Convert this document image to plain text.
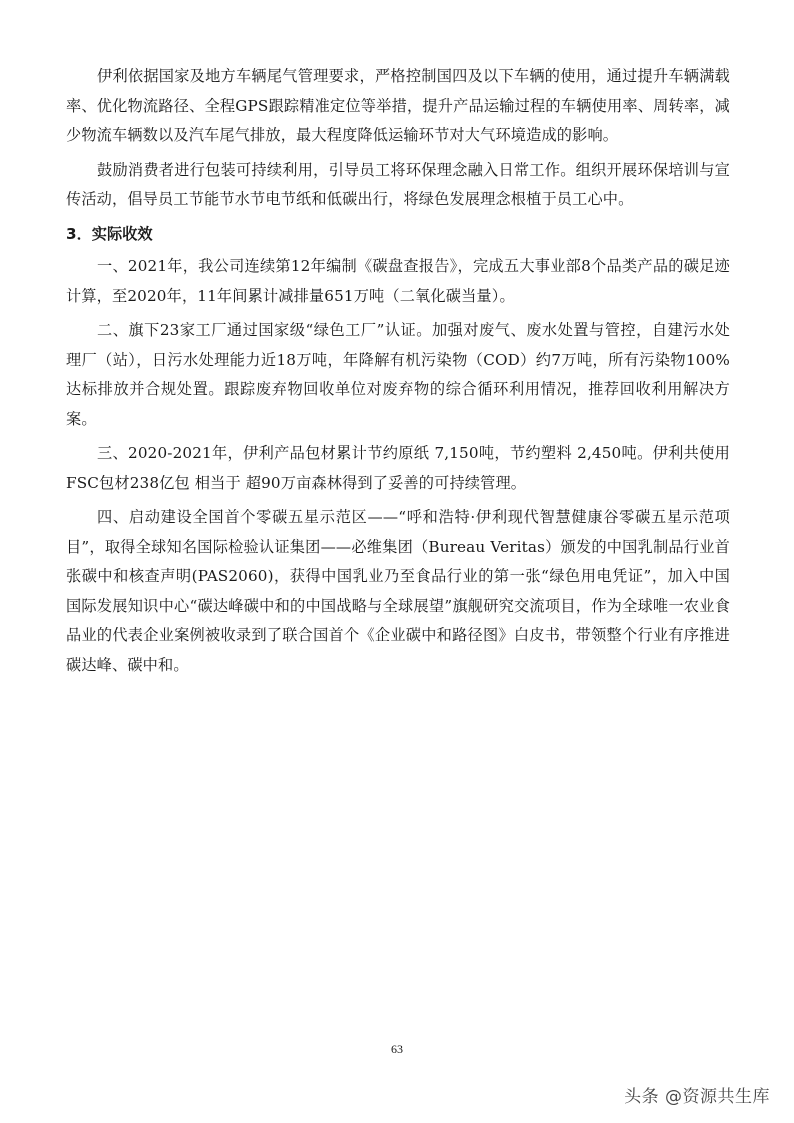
伊利依据国家及地方车辆尾气管理要求，严格控制国四及以下车辆的使用，通过提升车辆满载率、优化物流路径、全程GPS跟踪精准定位等举措，提升产品运输过程的车辆使用率、周转率，减少物流车辆数以及汽车尾气排放，最大程度降低运输环节对大气环境造成的影响。

鼓励消费者进行包装可持续利用，引导员工将环保理念融入日常工作。组织开展环保培训与宣传活动，倡导员工节能节水节电节纸和低碳出行，将绿色发展理念根植于员工心中。

3．实际收效

一、2021年，我公司连续第12年编制《碳盘查报告》，完成五大事业部8个品类产品的碳足迹计算，至2020年，11年间累计减排量651万吨（二氧化碳当量）。

二、旗下23家工厂通过国家级“绿色工厂”认证。加强对废气、废水处置与管控，自建污水处理厂（站），日污水处理能力近18万吨，年降解有机污染物（COD）约7万吨，所有污染物100%达标排放并合规处置。跟踪废弃物回收单位对废弃物的综合循环利用情况，推荐回收利用解决方案。

三、2020-2021年，伊利产品包材累计节约原纸 7,150吨，节约塑料 2,450吨。伊利共使用FSC包材238亿包 相当于 超90万亩森林得到了妥善的可持续管理。

四、启动建设全国首个零碳五星示范区——“呼和浩特·伊利现代智慧健康谷零碳五星示范项目”，取得全球知名国际检验认证集团——必维集团（Bureau Veritas）颁发的中国乳制品行业首张碳中和核查声明(PAS2060)，获得中国乳业乃至食品行业的第一张“绿色用电凭证”，加入中国国际发展知识中心“碳达峰碳中和的中国战略与全球展望”旗舰研究交流项目，作为全球唯一农业食品业的代表企业案例被收录到了联合国首个《企业碳中和路径图》白皮书，带领整个行业有序推进碳达峰、碳中和。

63
头条 @资源共生库
